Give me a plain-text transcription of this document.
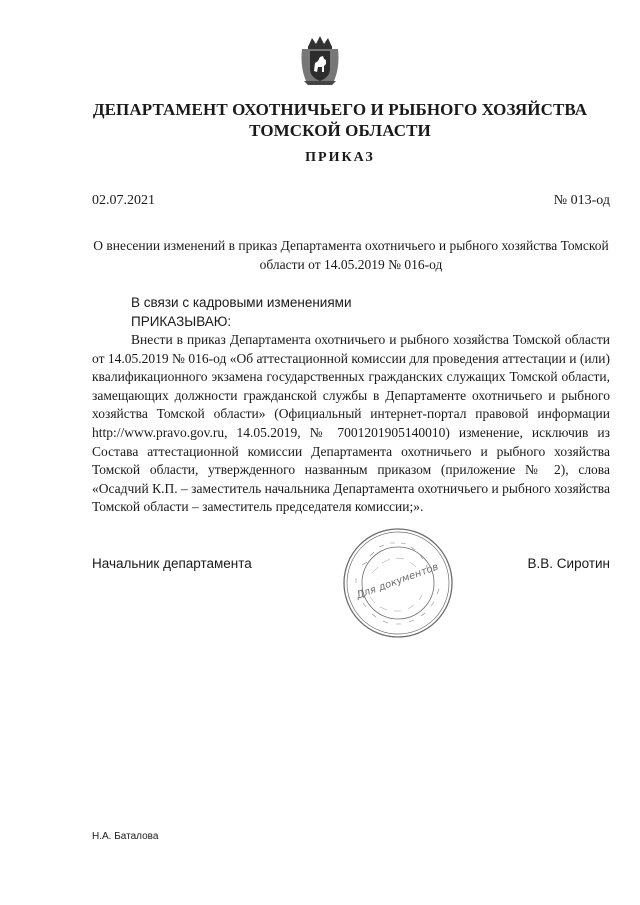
ДЕПАРТАМЕНТ ОХОТНИЧЬЕГО И РЫБНОГО ХОЗЯЙСТВА
ТОМСКОЙ ОБЛАСТИ
ПРИКАЗ
02.07.2021	№ 013-од
О внесении изменений в приказ Департамента охотничьего и рыбного хозяйства Томской области от 14.05.2019 № 016-од
В связи с кадровыми изменениями
ПРИКАЗЫВАЮ:
Внести в приказ Департамента охотничьего и рыбного хозяйства Томской области от 14.05.2019 № 016-од «Об аттестационной комиссии для проведения аттестации и (или) квалификационного экзамена государственных гражданских служащих Томской области, замещающих должности гражданской службы в Департаменте охотничьего и рыбного хозяйства Томской области» (Официальный интернет-портал правовой информации http://www.pravo.gov.ru, 14.05.2019, № 7001201905140010) изменение, исключив из Состава аттестационной комиссии Департамента охотничьего и рыбного хозяйства Томской области, утвержденного названным приказом (приложение № 2), слова «Осадчий К.П. – заместитель начальника Департамента охотничьего и рыбного хозяйства Томской области – заместитель председателя комиссии;».
Начальник департамента	Для документов	В.В. Сиротин
Н.А. Баталова
